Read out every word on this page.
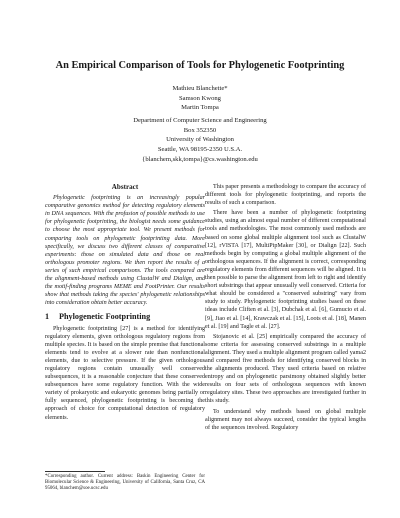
An Empirical Comparison of Tools for Phylogenetic Footprinting
Mathieu Blanchette*
Samson Kwong
Martin Tompa
Department of Computer Science and Engineering
Box 352350
University of Washington
Seattle, WA 98195-2350 U.S.A.
{blanchem,skk,tompa}@cs.washington.edu
Abstract

Phylogenetic footprinting is an increasingly popular comparative genomics method for detecting regulatory elements in DNA sequences. With the profusion of possible methods to use for phylogenetic footprinting, the biologist needs some guidance to choose the most appropriate tool. We present methods for comparing tools on phylogenetic footprinting data. More specifically, we discuss two different classes of comparative experiments: those on simulated data and those on real orthologous promoter regions. We then report the results of a series of such empirical comparisons. The tools compared are the alignment-based methods using ClustalW and Dialign, and the motif-finding programs MEME and FootPrinter. Our results show that methods taking the species' phylogenetic relationships into consideration obtain better accuracy.

1 Phylogenetic Footprinting

Phylogenetic footprinting [27] is a method for identifying regulatory elements, given orthologous regulatory regions from multiple species. It is based on the simple premise that functional elements tend to evolve at a slower rate than nonfunctional elements, due to selective pressure. If the given orthologous regulatory regions contain unusually well conserved subsequences, it is a reasonable conjecture that these conserved subsequences have some regulatory function. With the wide variety of prokaryotic and eukaryotic genomes being partially or fully sequenced, phylogenetic footprinting is becoming the approach of choice for computational detection of regulatory elements.

This paper presents a methodology to compare the accuracy of different tools for phylogenetic footprinting, and reports the results of such a comparison.

There have been a number of phylogenetic footprinting studies, using an almost equal number of different computational tools and methodologies. The most commonly used methods are based on some global multiple alignment tool such as ClustalW [12], rVISTA [17], MultiPipMaker [30], or Dialign [22]. Such methods begin by computing a global multiple alignment of the orthologous sequences. If the alignment is correct, corresponding regulatory elements from different sequences will be aligned. It is then possible to parse the alignment from left to right and identify short substrings that appear unusually well conserved. Criteria for what should be considered a "conserved substring" vary from study to study. Phylogenetic footprinting studies based on these ideas include Cliften et al. [3], Dubchak et al. [6], Gumucio et al. [9], Jiao et al. [14], Krawczak et al. [15], Loots et al. [18], Manen et al. [19] and Tagle et al. [27].

Stojanovic et al. [25] empirically compared the accuracy of some criteria for assessing conserved substrings in a multiple alignment. They used a multiple alignment program called yama2 and compared five methods for identifying conserved blocks in the alignments produced. They used criteria based on relative entropy and on phylogenetic parsimony obtained slightly better results on four sets of orthologous sequences with known regulatory sites. These two approaches are investigated further in this study.

To understand why methods based on global multiple alignment may not always succeed, consider the typical lengths of the sequences involved. Regulatory

*Corresponding author. Current address: Baskin Engineering Center for Biomolecular Science & Engineering, University of California, Santa Cruz, CA 95064, blanchem@soe.ucsc.edu
